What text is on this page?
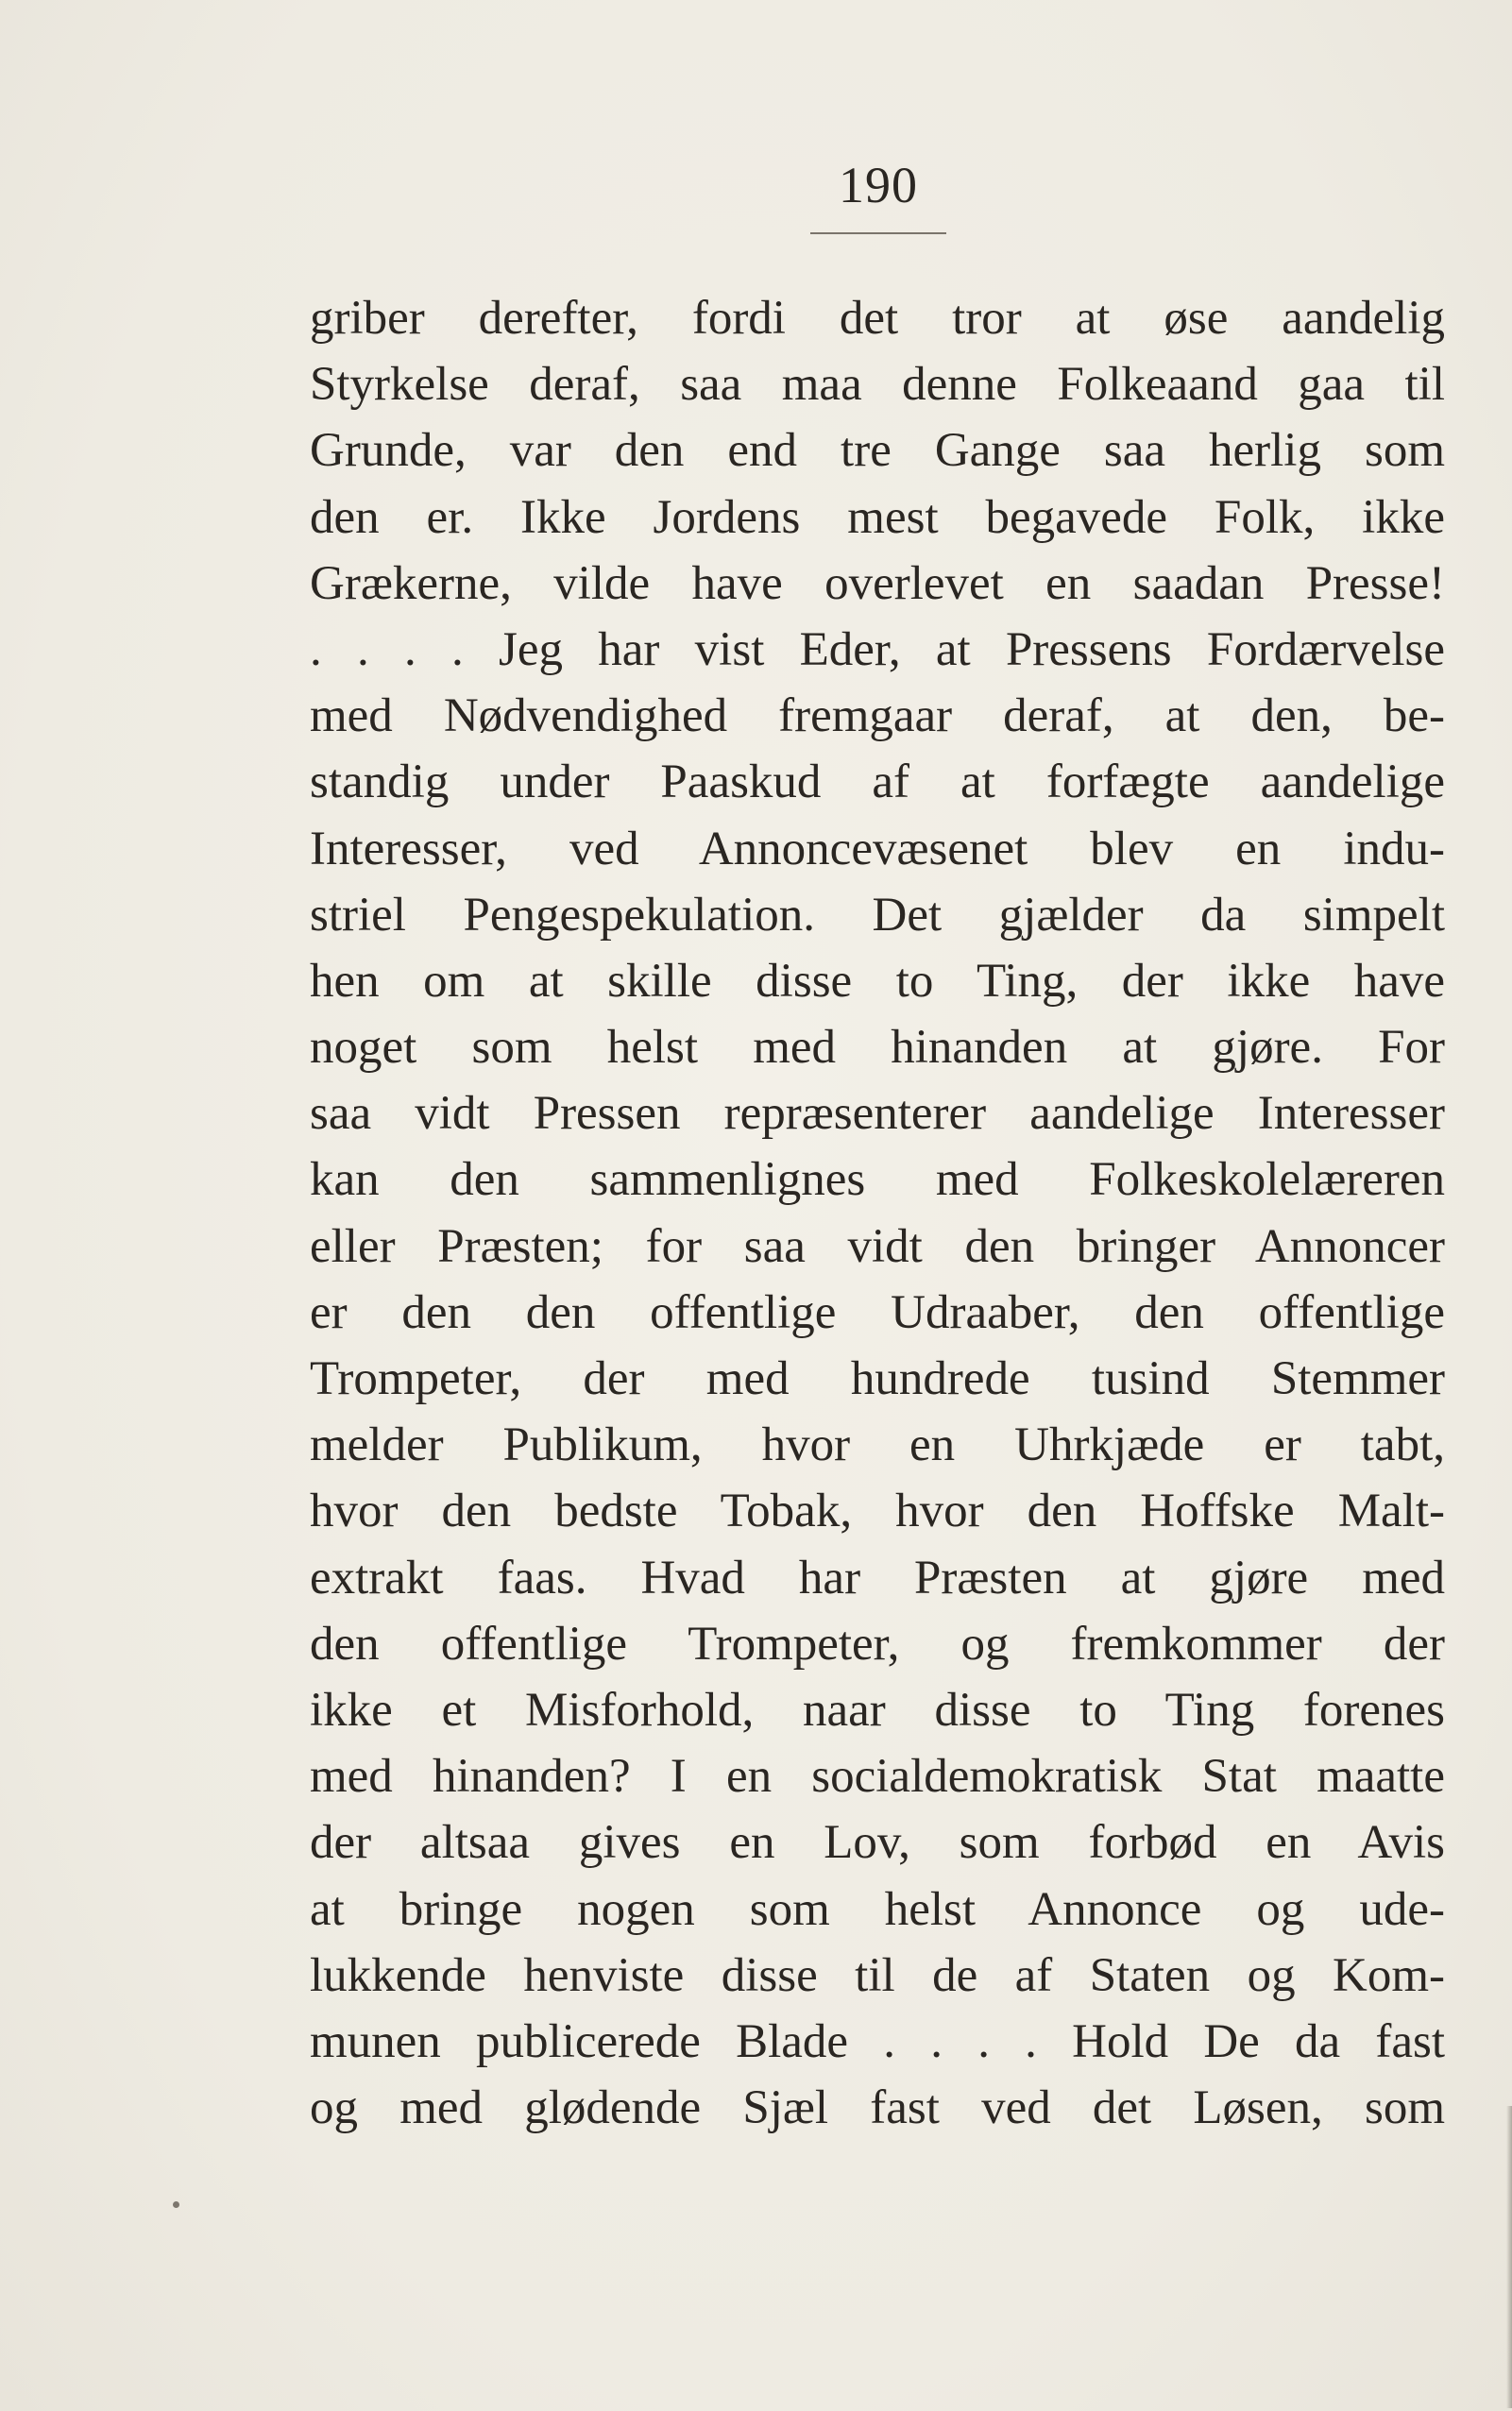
190
griber derefter, fordi det tror at øse aandelig
Styrkelse deraf, saa maa denne Folkeaand gaa til
Grunde, var den end tre Gange saa herlig som
den er. Ikke Jordens mest begavede Folk, ikke
Grækerne, vilde have overlevet en saadan Presse!
. . . . Jeg har vist Eder, at Pressens Fordærvelse
med Nødvendighed fremgaar deraf, at den, be-
standig under Paaskud af at forfægte aandelige
Interesser, ved Annoncevæsenet blev en indu-
striel Pengespekulation. Det gjælder da simpelt
hen om at skille disse to Ting, der ikke have
noget som helst med hinanden at gjøre. For
saa vidt Pressen repræsenterer aandelige Interesser
kan den sammenlignes med Folkeskolelæreren
eller Præsten; for saa vidt den bringer Annoncer
er den den offentlige Udraaber, den offentlige
Trompeter, der med hundrede tusind Stemmer
melder Publikum, hvor en Uhrkjæde er tabt,
hvor den bedste Tobak, hvor den Hoffske Malt-
extrakt faas. Hvad har Præsten at gjøre med
den offentlige Trompeter, og fremkommer der
ikke et Misforhold, naar disse to Ting forenes
med hinanden? I en socialdemokratisk Stat maatte
der altsaa gives en Lov, som forbød en Avis
at bringe nogen som helst Annonce og ude-
lukkende henviste disse til de af Staten og Kom-
munen publicerede Blade . . . . Hold De da fast
og med glødende Sjæl fast ved det Løsen, som
